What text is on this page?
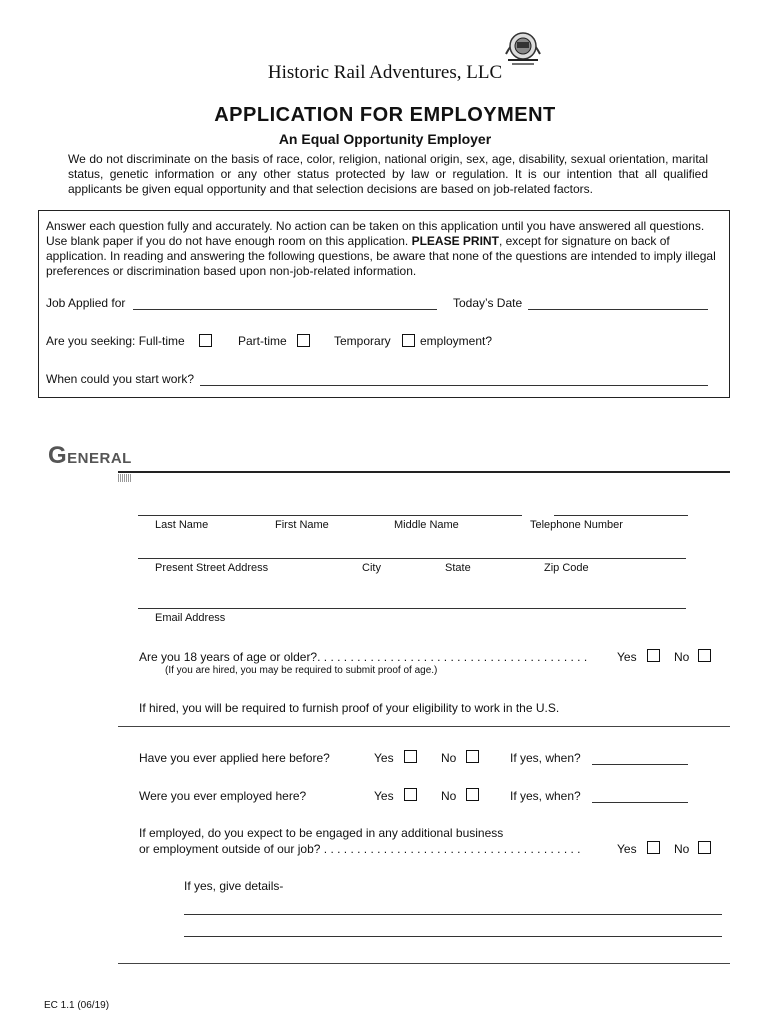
Historic Rail Adventures, LLC
APPLICATION FOR EMPLOYMENT
An Equal Opportunity Employer
We do not discriminate on the basis of race, color, religion, national origin, sex, age, disability, sexual orientation, marital status, genetic information or any other status protected by law or regulation. It is our intention that all qualified applicants be given equal opportunity and that selection decisions are based on job-related factors.
Answer each question fully and accurately. No action can be taken on this application until you have answered all questions. Use blank paper if you do not have enough room on this application. PLEASE PRINT, except for signature on back of application. In reading and answering the following questions, be aware that none of the questions are intended to imply illegal preferences or discrimination based upon non-job-related information.
Job Applied for	Today’s Date
Are you seeking: Full-time	Part-time	Temporary employment?
When could you start work?
GENERAL
Last Name	First Name	Middle Name	Telephone Number
Present Street Address	City	State	Zip Code
Email Address
Are you 18 years of age or older?. . . . . . . . . . . . . . . . . . . . . . . . . . . . . . . . . . . . . . . . . Yes	No
(If you are hired, you may be required to submit proof of age.)
If hired, you will be required to furnish proof of your eligibility to work in the U.S.
Have you ever applied here before?	Yes	No	If yes, when?
Were you ever employed here?	Yes	No	If yes, when?
If employed, do you expect to be engaged in any additional business
or employment outside of our job? . . . . . . . . . . . . . . . . . . . . . . . . . . . . . . . . . . . . . . .	Yes	No
If yes, give details-
EC 1.1 (06/19)
